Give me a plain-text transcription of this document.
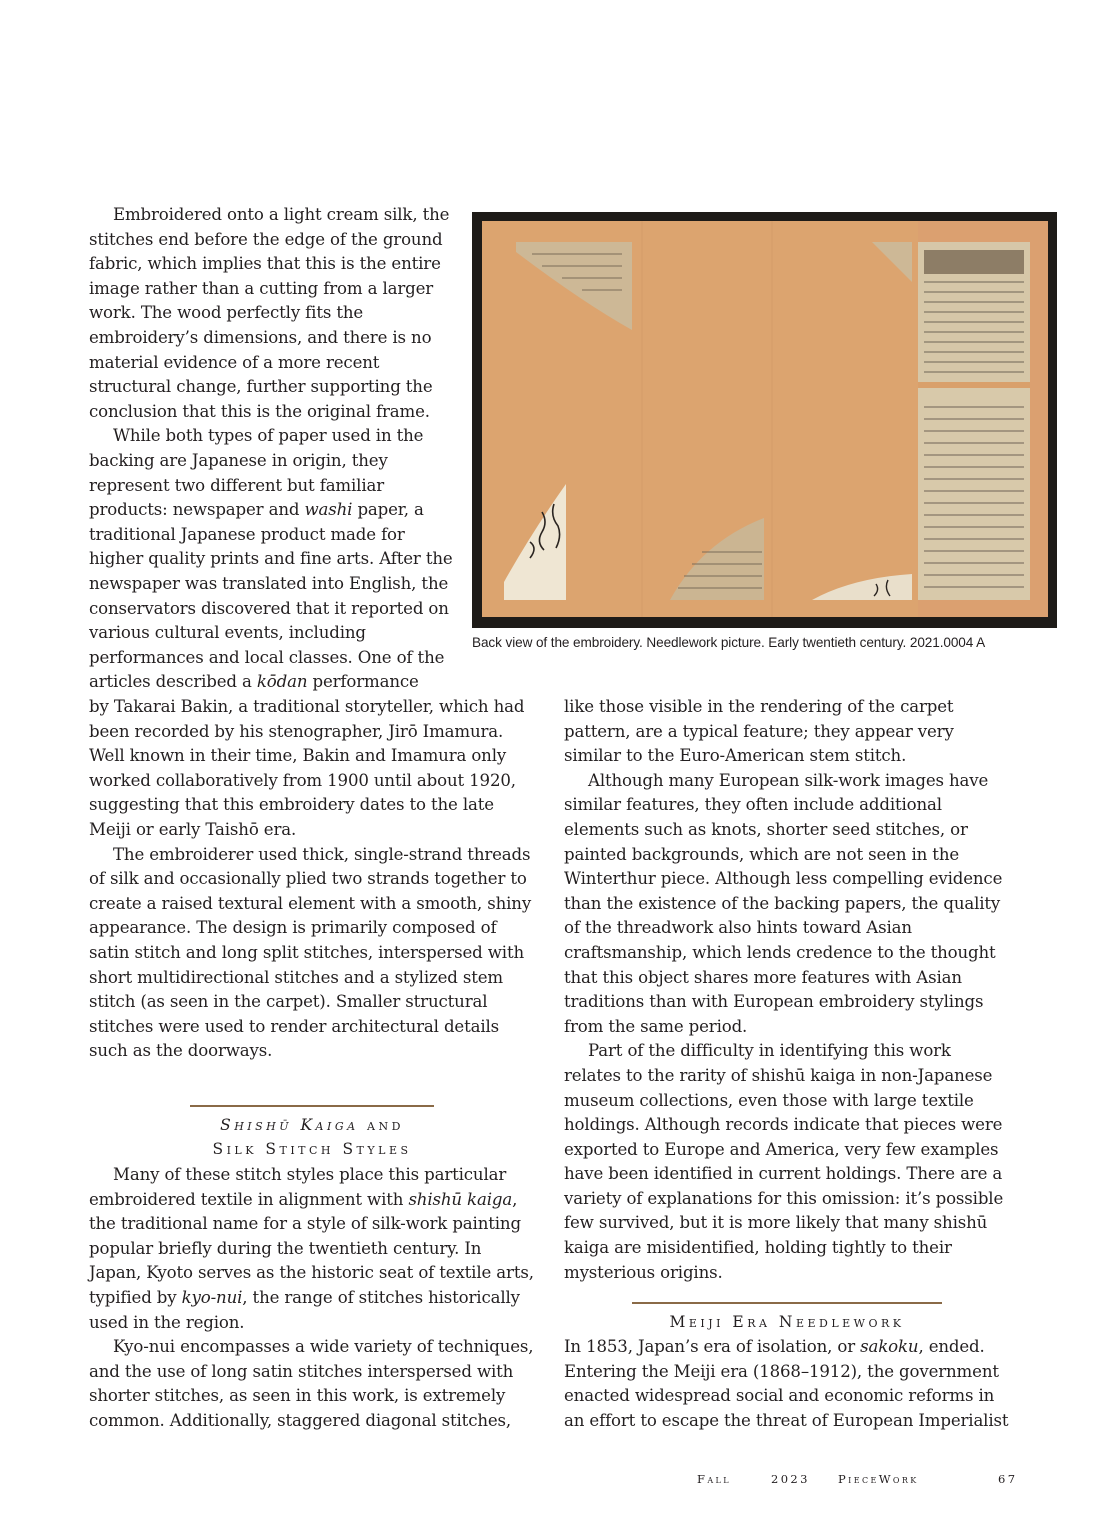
Back view of the embroidery. Needlework picture. Early twentieth century. 2021.0004 A

Embroidered onto a light cream silk, the stitches end before the edge of the ground fabric, which implies that this is the entire image rather than a cutting from a larger work. The wood perfectly fits the embroidery’s dimensions, and there is no material evidence of a more recent structural change, further supporting the conclusion that this is the original frame.

While both types of paper used in the backing are Japanese in origin, they represent two different but familiar products: newspaper and washi paper, a traditional Japanese product made for higher quality prints and fine arts. After the newspaper was translated into English, the conservators discovered that it reported on various cultural events, including performances and local classes. One of the articles described a kōdan performance

by Takarai Bakin, a traditional storyteller, which had been recorded by his stenographer, Jirō Imamura. Well known in their time, Bakin and Imamura only worked collaboratively from 1900 until about 1920, suggesting that this embroidery dates to the late Meiji or early Taishō era.

The embroiderer used thick, single-strand threads of silk and occasionally plied two strands together to create a raised textural element with a smooth, shiny appearance. The design is primarily composed of satin stitch and long split stitches, interspersed with short multidirectional stitches and a stylized stem stitch (as seen in the carpet). Smaller structural stitches were used to render architectural details such as the doorways.

Shishū Kaiga and
Silk Stitch Styles

Many of these stitch styles place this particular embroidered textile in alignment with shishū kaiga, the traditional name for a style of silk-work painting popular briefly during the twentieth century. In Japan, Kyoto serves as the historic seat of textile arts, typified by kyo-nui, the range of stitches historically used in the region.

Kyo-nui encompasses a wide variety of techniques, and the use of long satin stitches interspersed with shorter stitches, as seen in this work, is extremely common. Additionally, staggered diagonal stitches,

like those visible in the rendering of the carpet pattern, are a typical feature; they appear very similar to the Euro-American stem stitch.

Although many European silk-work images have similar features, they often include additional elements such as knots, shorter seed stitches, or painted backgrounds, which are not seen in the Winterthur piece. Although less compelling evidence than the existence of the backing papers, the quality of the threadwork also hints toward Asian craftsmanship, which lends credence to the thought that this object shares more features with Asian traditions than with European embroidery stylings from the same period.

Part of the difficulty in identifying this work relates to the rarity of shishū kaiga in non-Japanese museum collections, even those with large textile holdings. Although records indicate that pieces were exported to Europe and America, very few examples have been identified in current holdings. There are a variety of explanations for this omission: it’s possible few survived, but it is more likely that many shishū kaiga are misidentified, holding tightly to their mysterious origins.

Meiji Era Needlework

In 1853, Japan’s era of isolation, or sakoku, ended. Entering the Meiji era (1868–1912), the government enacted widespread social and economic reforms in an effort to escape the threat of European Imperialist

Fall	2023 PieceWork	67
